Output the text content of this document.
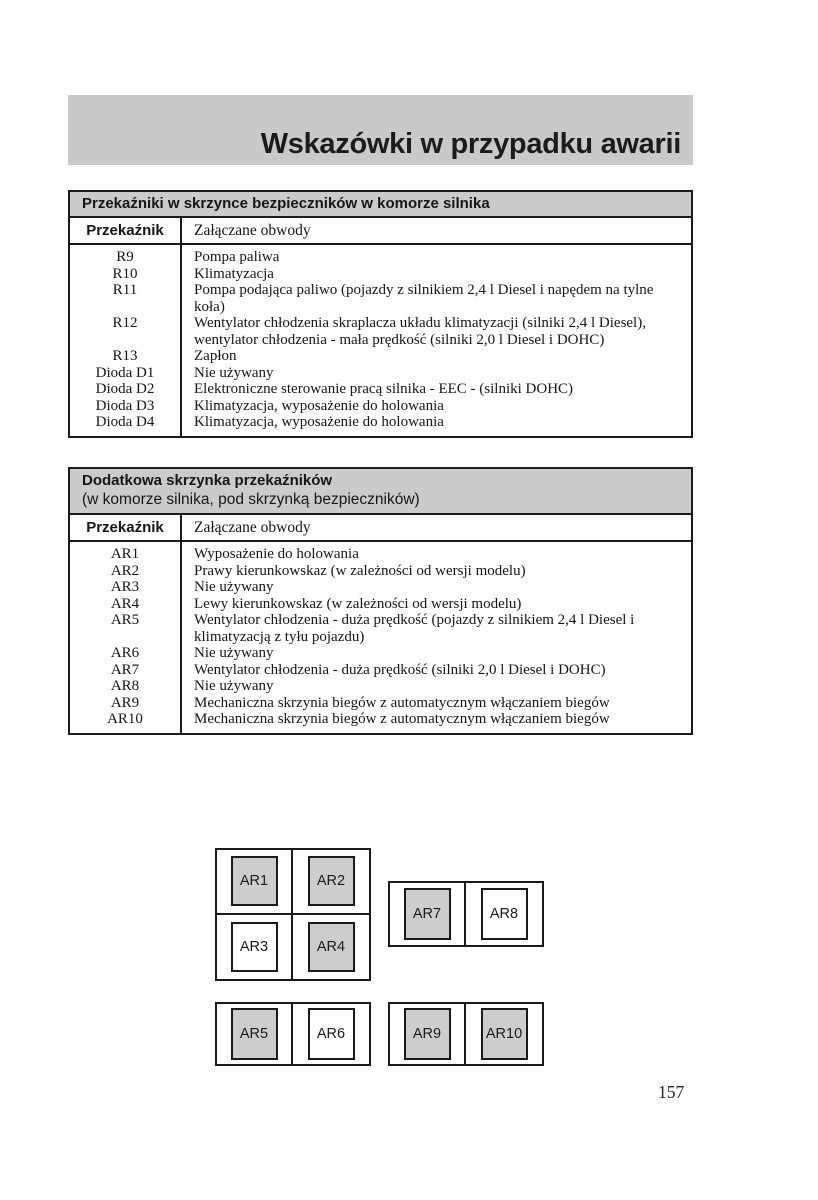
Wskazówki w przypadku awarii
Przekaźniki w skrzynce bezpieczników w komorze silnika
Przekaźnik	Załączane obwody
R9	Pompa paliwa
R10	Klimatyzacja
R11	Pompa podająca paliwo (pojazdy z silnikiem 2,4 l Diesel i napędem na tylne koła)
R12	Wentylator chłodzenia skraplacza układu klimatyzacji (silniki 2,4 l Diesel), wentylator chłodzenia - mała prędkość (silniki 2,0 l Diesel i DOHC)
R13	Zapłon
Dioda D1	Nie używany
Dioda D2	Elektroniczne sterowanie pracą silnika - EEC - (silniki DOHC)
Dioda D3	Klimatyzacja, wyposażenie do holowania
Dioda D4	Klimatyzacja, wyposażenie do holowania
Dodatkowa skrzynka przekaźników
(w komorze silnika, pod skrzynką bezpieczników)
Przekaźnik	Załączane obwody
AR1	Wyposażenie do holowania
AR2	Prawy kierunkowskaz (w zależności od wersji modelu)
AR3	Nie używany
AR4	Lewy kierunkowskaz (w zależności od wersji modelu)
AR5	Wentylator chłodzenia - duża prędkość (pojazdy z silnikiem 2,4 l Diesel i klimatyzacją z tyłu pojazdu)
AR6	Nie używany
AR7	Wentylator chłodzenia - duża prędkość (silniki 2,0 l Diesel i DOHC)
AR8	Nie używany
AR9	Mechaniczna skrzynia biegów z automatycznym włączaniem biegów
AR10	Mechaniczna skrzynia biegów z automatycznym włączaniem biegów
AR1	AR2
AR3	AR4
AR7	AR8
AR5	AR6	AR9	AR10
157
